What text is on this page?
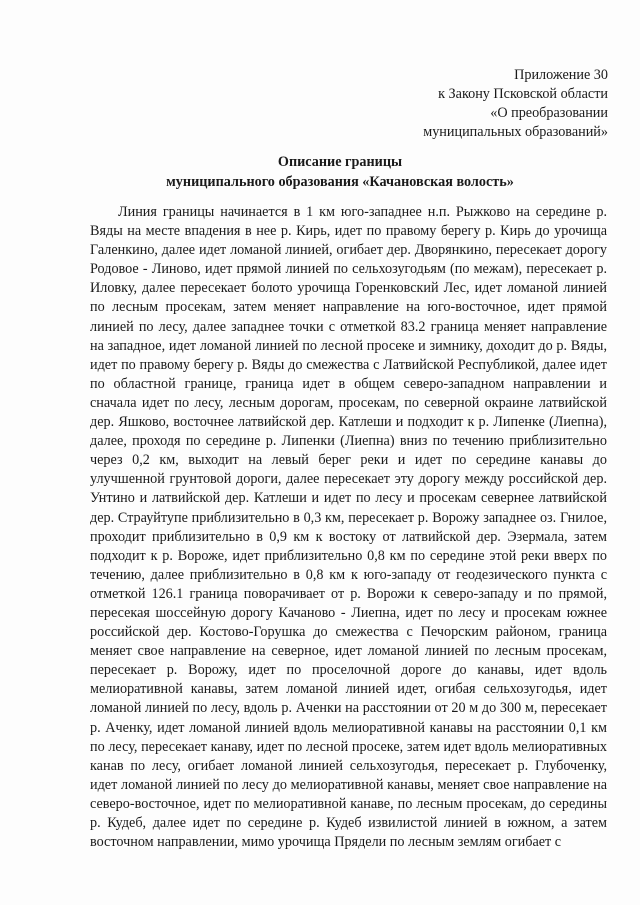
Приложение 30
к Закону Псковской области
«О преобразовании
муниципальных образований»
Описание границы
муниципального образования «Качановская волость»

Линия границы начинается в 1 км юго-западнее н.п. Рыжково на середине р. Вяды на месте впадения в нее р. Кирь, идет по правому берегу р. Кирь до урочища Галенкино, далее идет ломаной линией, огибает дер. Дворянкино, пересекает дорогу Родовое - Линово, идет прямой линией по сельхозугодьям (по межам), пересекает р. Иловку, далее пересекает болото урочища Горенковский Лес, идет ломаной линией по лесным просекам, затем меняет направление на юго-восточное, идет прямой линией по лесу, далее западнее точки с отметкой 83.2 граница меняет направление на западное, идет ломаной линией по лесной просеке и зимнику, доходит до р. Вяды, идет по правому берегу р. Вяды до смежества с Латвийской Республикой, далее идет по областной границе, граница идет в общем северо-западном направлении и сначала идет по лесу, лесным дорогам, просекам, по северной окраине латвийской дер. Яшково, восточнее латвийской дер. Катлеши и подходит к р. Липенке (Лиепна), далее, проходя по середине р. Липенки (Лиепна) вниз по течению приблизительно через 0,2 км, выходит на левый берег реки и идет по середине канавы до улучшенной грунтовой дороги, далее пересекает эту дорогу между российской дер. Унтино и латвийской дер. Катлеши и идет по лесу и просекам севернее латвийской дер. Страуйтупе приблизительно в 0,3 км, пересекает р. Ворожу западнее оз. Гнилое, проходит приблизительно в 0,9 км к востоку от латвийской дер. Эзермала, затем подходит к р. Вороже, идет приблизительно 0,8 км по середине этой реки вверх по течению, далее приблизительно в 0,8 км к юго-западу от геодезического пункта с отметкой 126.1 граница поворачивает от р. Ворожи к северо-западу и по прямой, пересекая шоссейную дорогу Качаново - Лиепна, идет по лесу и просекам южнее российской дер. Костово-Горушка до смежества с Печорским районом, граница меняет свое направление на северное, идет ломаной линией по лесным просекам, пересекает р. Ворожу, идет по проселочной дороге до канавы, идет вдоль мелиоративной канавы, затем ломаной линией идет, огибая сельхозугодья, идет ломаной линией по лесу, вдоль р. Аченки на расстоянии от 20 м до 300 м, пересекает р. Аченку, идет ломаной линией вдоль мелиоративной канавы на расстоянии 0,1 км по лесу, пересекает канаву, идет по лесной просеке, затем идет вдоль мелиоративных канав по лесу, огибает ломаной линией сельхозугодья, пересекает р. Глубоченку, идет ломаной линией по лесу до мелиоративной канавы, меняет свое направление на северо-восточное, идет по мелиоративной канаве, по лесным просекам, до середины р. Кудеб, далее идет по середине р. Кудеб извилистой линией в южном, а затем восточном направлении, мимо урочища Прядели по лесным землям огибает с
